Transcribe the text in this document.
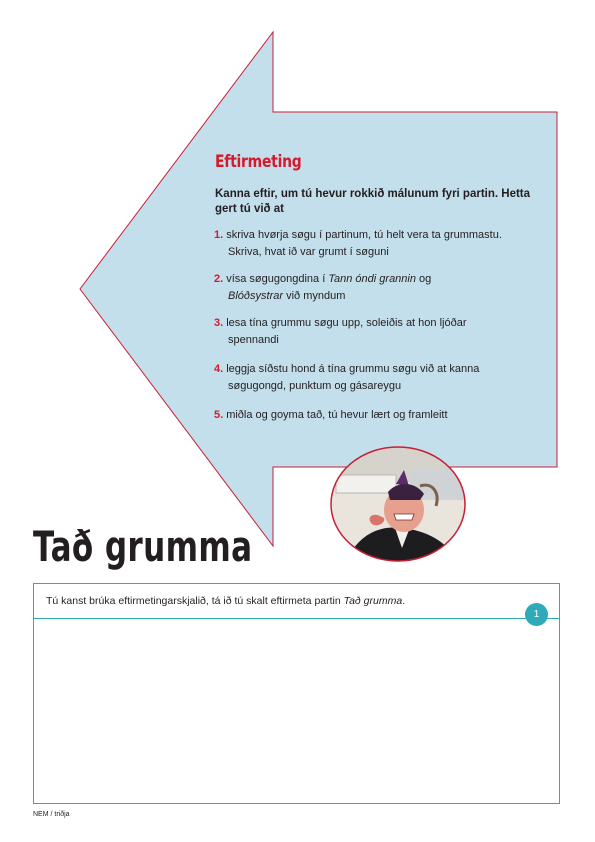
Eftirmeting
Kanna eftir, um tú hevur rokkið málunum fyri partin. Hetta gert tú við at
1. skriva hvørja søgu í partinum, tú helt vera ta grummastu.
Skriva, hvat ið var grumt í søguni
2. vísa søgugongdina í Tann óndi grannin og
Blóðsystrar við myndum
3. lesa tína grummu søgu upp, soleiðis at hon ljóðar
spennandi
4. leggja síðstu hond á tína grummu søgu við at kanna
søgugongd, punktum og gásareygu
5. miðla og goyma tað, tú hevur lært og framleitt
Tað grumma
Tú kanst brúka eftirmetingarskjalið, tá ið tú skalt eftirmeta partin Tað grumma.
1
NEM / triðja
